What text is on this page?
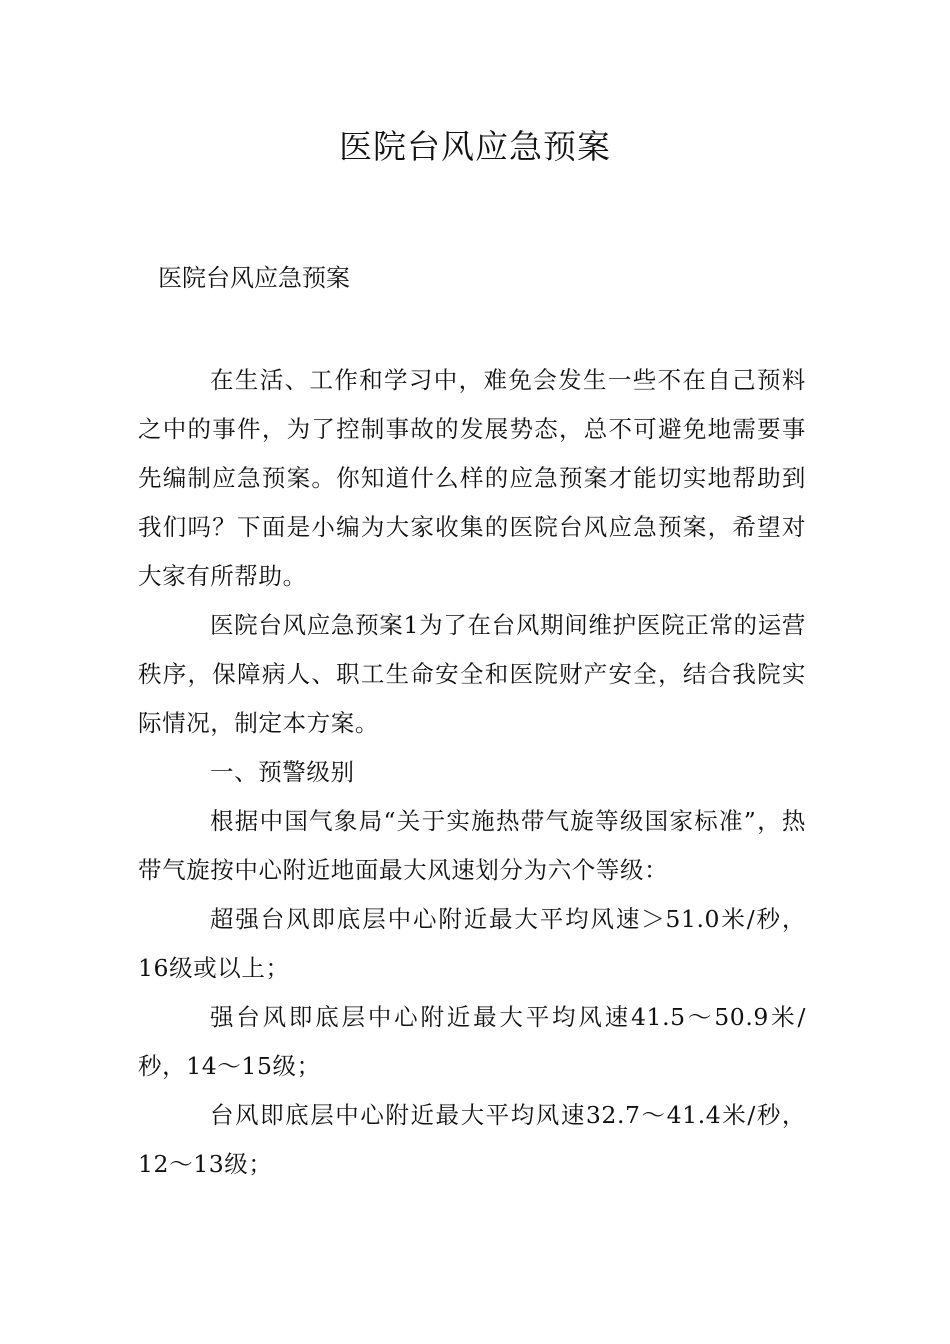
医院台风应急预案

医院台风应急预案

在生活、工作和学习中，难免会发生一些不在自己预料之中的事件，为了控制事故的发展势态，总不可避免地需要事先编制应急预案。你知道什么样的应急预案才能切实地帮助到我们吗？下面是小编为大家收集的医院台风应急预案，希望对大家有所帮助。

医院台风应急预案1为了在台风期间维护医院正常的运营秩序，保障病人、职工生命安全和医院财产安全，结合我院实际情况，制定本方案。

一、预警级别

根据中国气象局“关于实施热带气旋等级国家标准”，热带气旋按中心附近地面最大风速划分为六个等级：

超强台风即底层中心附近最大平均风速＞51.0米/秒，16级或以上；

强台风即底层中心附近最大平均风速41.5～50.9米/秒，14～15级；

台风即底层中心附近最大平均风速32.7～41.4米/秒，12～13级；
